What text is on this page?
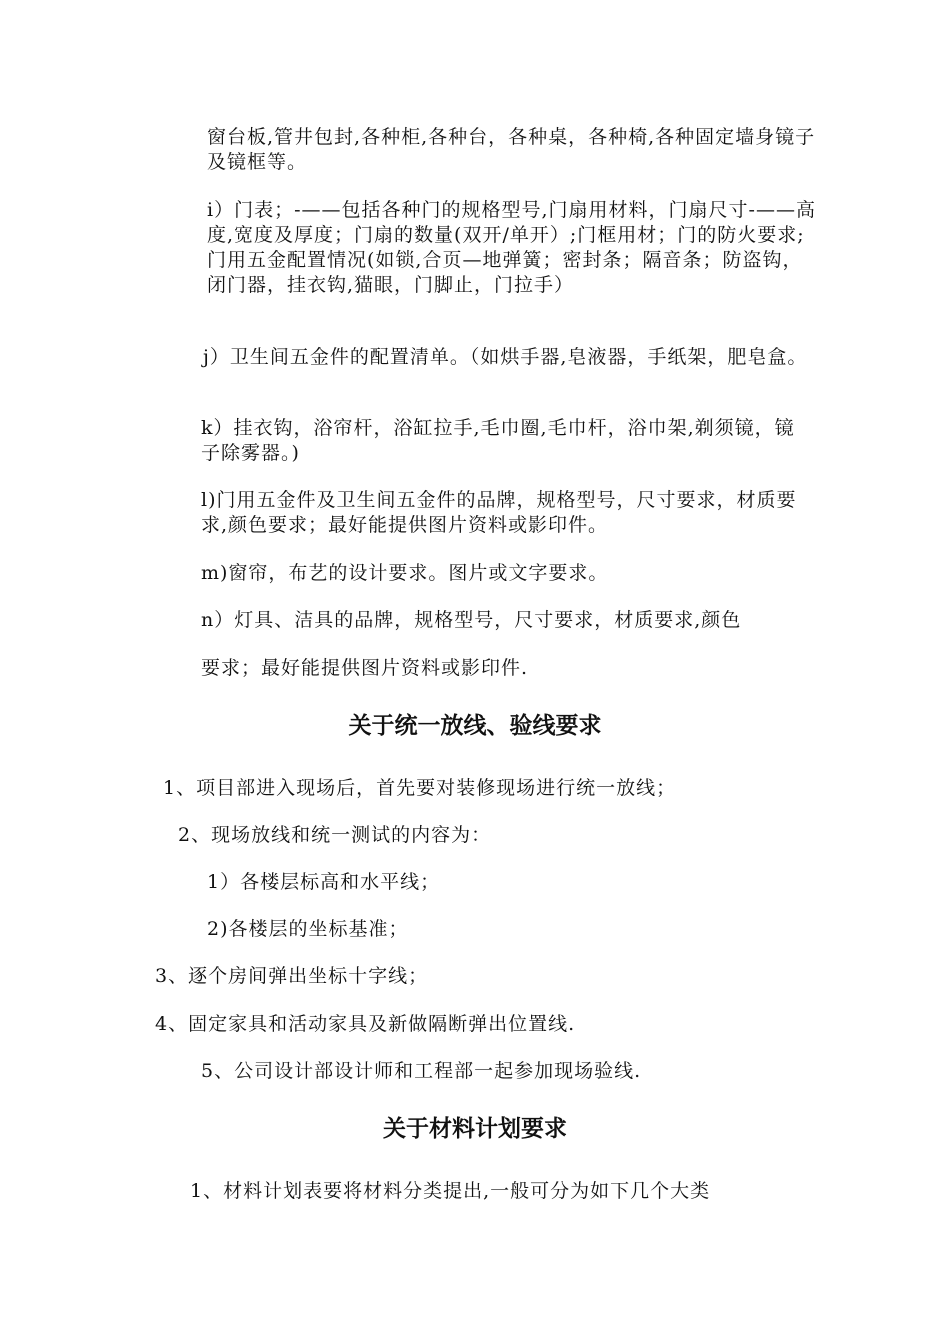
窗台板,管井包封,各种柜,各种台，各种桌，各种椅,各种固定墙身镜子及镜框等。
i）门表；-——包括各种门的规格型号,门扇用材料，门扇尺寸-——高度,宽度及厚度；门扇的数量(双开/单开）;门框用材；门的防火要求;门用五金配置情况(如锁,合页—地弹簧；密封条；隔音条；防盗钩，闭门器，挂衣钩,猫眼，门脚止，门拉手）
j）卫生间五金件的配置清单。（如烘手器,皂液器，手纸架，肥皂盒。
k）挂衣钩，浴帘杆，浴缸拉手,毛巾圈,毛巾杆，浴巾架,剃须镜，镜子除雾器。)
l)门用五金件及卫生间五金件的品牌，规格型号，尺寸要求，材质要求,颜色要求；最好能提供图片资料或影印件。
m)窗帘，布艺的设计要求。图片或文字要求。
n）灯具、洁具的品牌，规格型号，尺寸要求，材质要求,颜色
要求；最好能提供图片资料或影印件.
关于统一放线、验线要求
1、项目部进入现场后，首先要对装修现场进行统一放线；
2、现场放线和统一测试的内容为：
1）各楼层标高和水平线；
2)各楼层的坐标基准；
3、逐个房间弹出坐标十字线；
4、固定家具和活动家具及新做隔断弹出位置线.
5、公司设计部设计师和工程部一起参加现场验线.
关于材料计划要求
1、材料计划表要将材料分类提出,一般可分为如下几个大类
